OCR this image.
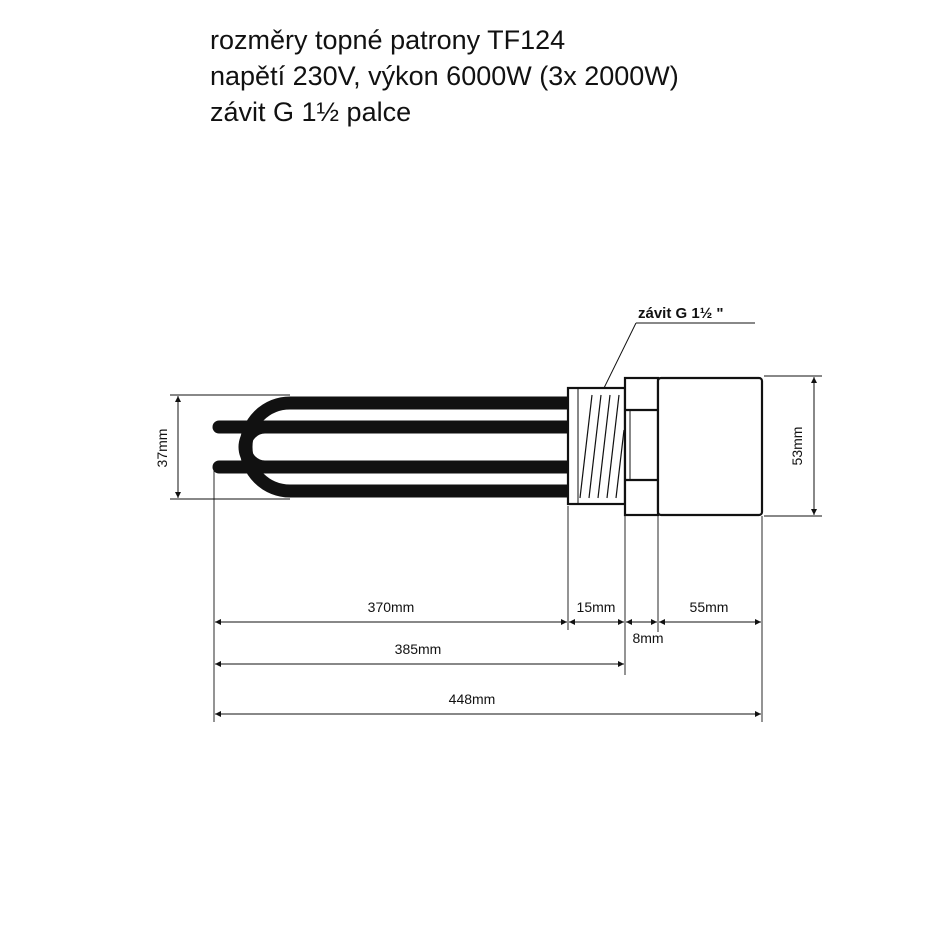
rozměry topné patrony TF124
napětí 230V, výkon 6000W (3x 2000W)
závit G 1½ palce
závit G 1½ "
37mm	53mm
370mm	15mm
8mm
55mm
385mm
448mm
